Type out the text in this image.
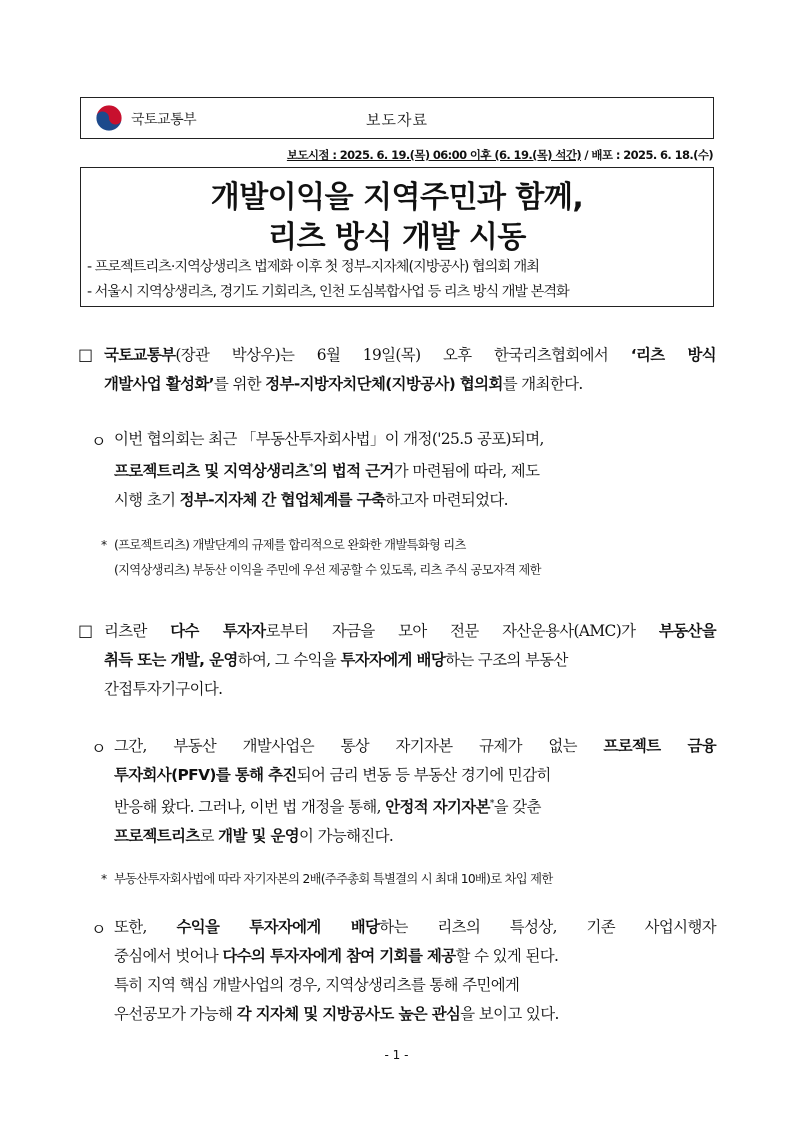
국토교통부	보도자료
보도시점 : 2025. 6. 19.(목) 06:00 이후 (6. 19.(목) 석간) / 배포 : 2025. 6. 18.(수)
개발이익을 지역주민과 함께,
리츠 방식 개발 시동
- 프로젝트리츠·지역상생리츠 법제화 이후 첫 정부-지자체(지방공사) 협의회 개최
- 서울시 지역상생리츠, 경기도 기회리츠, 인천 도심복합사업 등 리츠 방식 개발 본격화
□ 국토교통부(장관 박상우)는 6월 19일(목) 오후 한국리츠협회에서 ‘리츠 방식
개발사업 활성화’를 위한 정부-지방자치단체(지방공사) 협의회를 개최한다.
ㅇ 이번 협의회는 최근 「부동산투자회사법」이 개정('25.5 공포)되며,
프로젝트리츠 및 지역상생리츠*의 법적 근거가 마련됨에 따라, 제도
시행 초기 정부-지자체 간 협업체계를 구축하고자 마련되었다.
* (프로젝트리츠) 개발단계의 규제를 합리적으로 완화한 개발특화형 리츠
(지역상생리츠) 부동산 이익을 주민에 우선 제공할 수 있도록, 리츠 주식 공모자격 제한
□ 리츠란 다수 투자자로부터 자금을 모아 전문 자산운용사(AMC)가 부동산을
취득 또는 개발, 운영하여, 그 수익을 투자자에게 배당하는 구조의 부동산
간접투자기구이다.
ㅇ 그간, 부동산 개발사업은 통상 자기자본 규제가 없는 프로젝트 금융
투자회사(PFV)를 통해 추진되어 금리 변동 등 부동산 경기에 민감히
반응해 왔다. 그러나, 이번 법 개정을 통해, 안정적 자기자본*을 갖춘
프로젝트리츠로 개발 및 운영이 가능해진다.
* 부동산투자회사법에 따라 자기자본의 2배(주주총회 특별결의 시 최대 10배)로 차입 제한
ㅇ 또한, 수익을 투자자에게 배당하는 리츠의 특성상, 기존 사업시행자
중심에서 벗어나 다수의 투자자에게 참여 기회를 제공할 수 있게 된다.
특히 지역 핵심 개발사업의 경우, 지역상생리츠를 통해 주민에게
우선공모가 가능해 각 지자체 및 지방공사도 높은 관심을 보이고 있다.
- 1 -
